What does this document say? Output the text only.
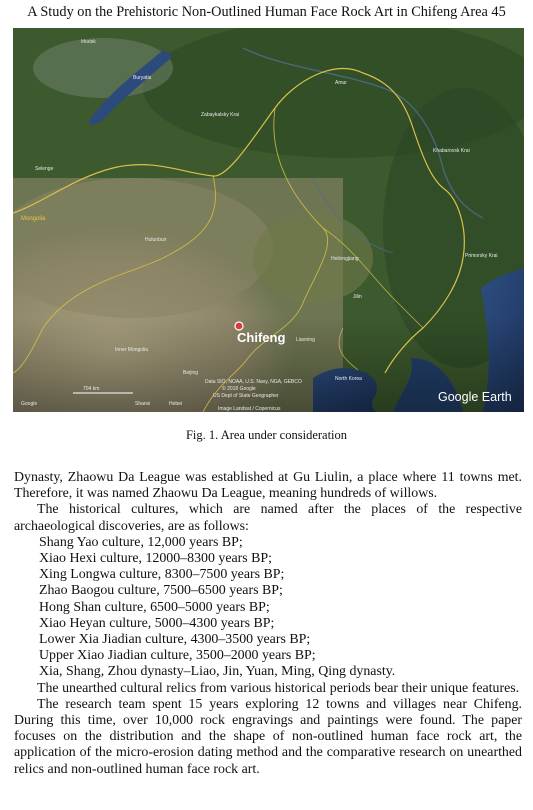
A Study on the Prehistoric Non-Outlined Human Face Rock Art in Chifeng Area 45
Irkutsk
Buryatia
Amur
Zabaykalsky Krai
Khabarovsk Krai
Selenge
Mongolia
Hulunbuir
Heilongjiang	Primorsky Krai
Jilin
Chifeng Liaoning
Inner Mongolia
Beijing
North Korea
Shanxi	Hebei
Google
704 km
Data SIO, NOAA, U.S. Navy, NGA, GEBCO
© 2018 Google
US Dept of State Geographer
Image Landsat / Copernicus
Google Earth
Fig. 1. Area under consideration

Dynasty, Zhaowu Da League was established at Gu Liulin, a place where 11 towns met. Therefore, it was named Zhaowu Da League, meaning hundreds of willows.

The historical cultures, which are named after the places of the respective archaeological discoveries, are as follows:

Shang Yao culture, 12,000 years BP;
Xiao Hexi culture, 12000–8300 years BP;
Xing Longwa culture, 8300–7500 years BP;
Zhao Baogou culture, 7500–6500 years BP;
Hong Shan culture, 6500–5000 years BP;
Xiao Heyan culture, 5000–4300 years BP;
Lower Xia Jiadian culture, 4300–3500 years BP;
Upper Xiao Jiadian culture, 3500–2000 years BP;
Xia, Shang, Zhou dynasty–Liao, Jin, Yuan, Ming, Qing dynasty.

The unearthed cultural relics from various historical periods bear their unique features.

The research team spent 15 years exploring 12 towns and villages near Chifeng. During this time, over 10,000 rock engravings and paintings were found. The paper focuses on the distribution and the shape of non-outlined human face rock art, the application of the micro-erosion dating method and the comparative research on unearthed relics and non-outlined human face rock art.
